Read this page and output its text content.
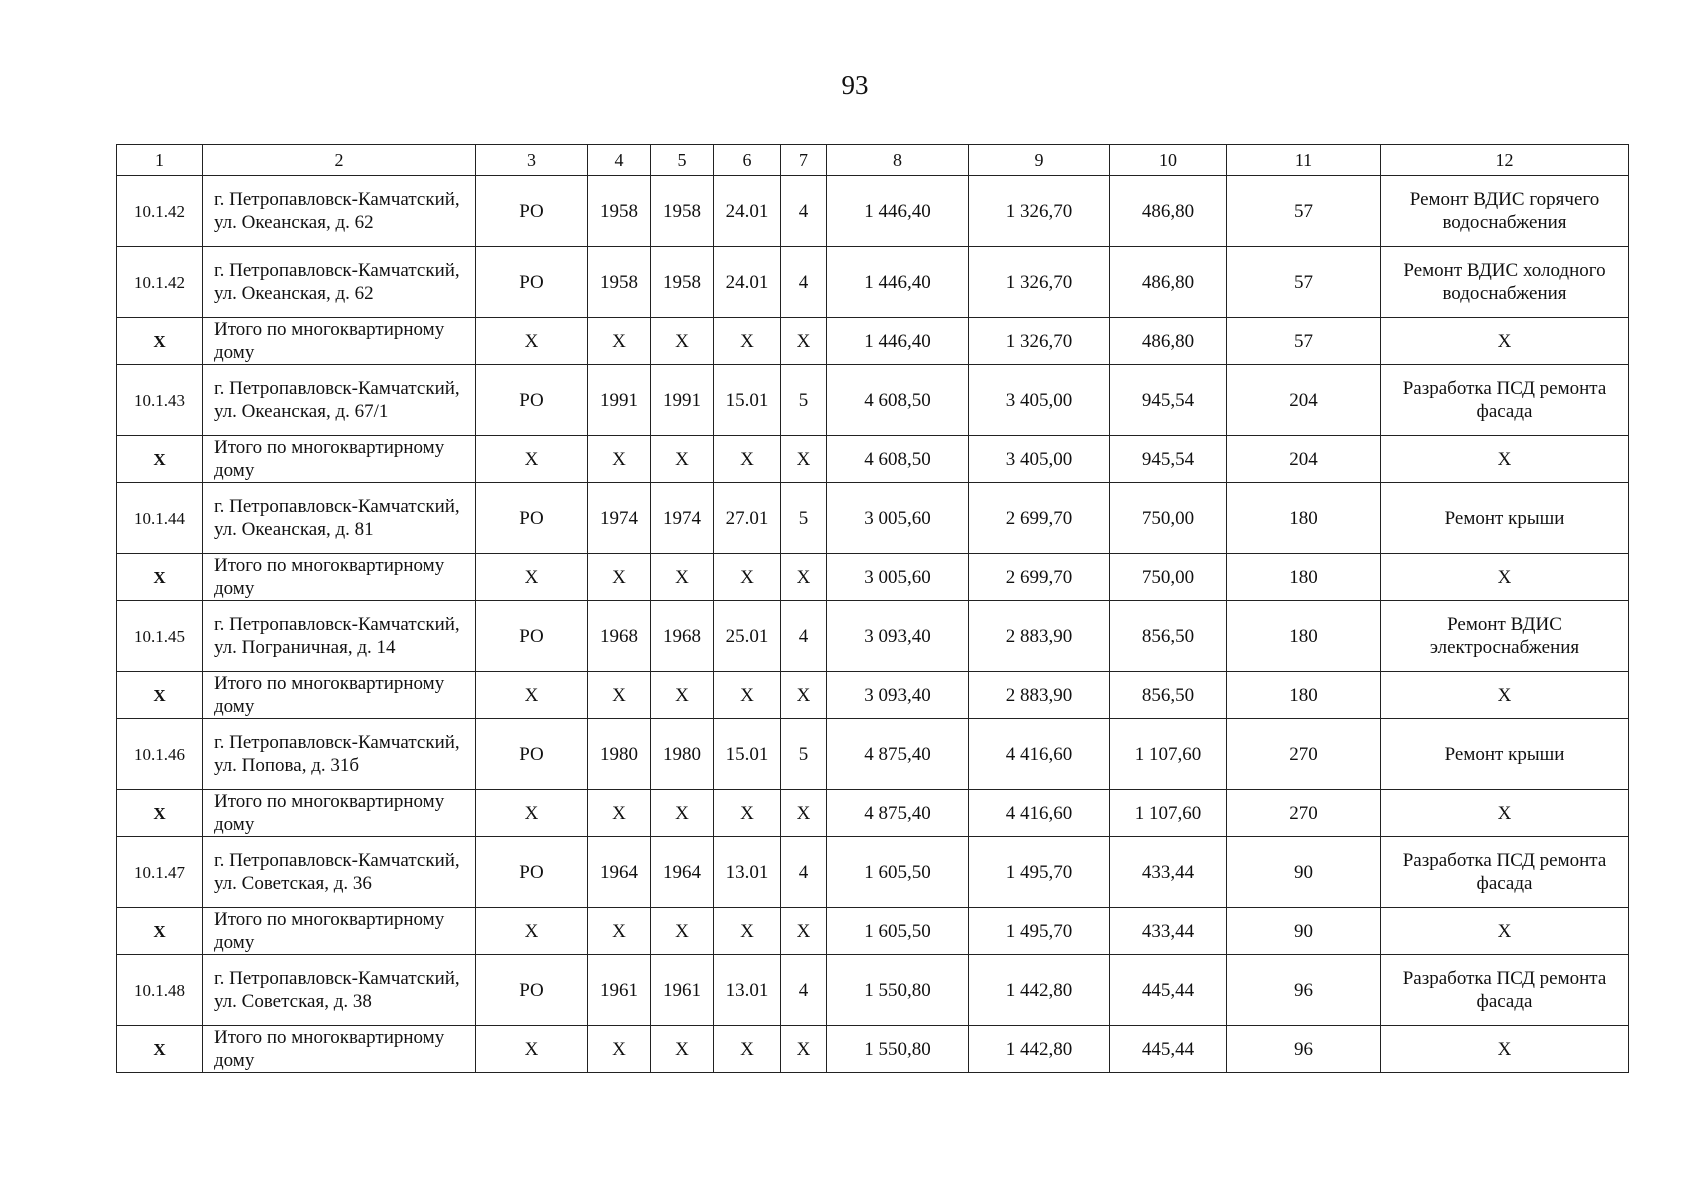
93
1	2	3	4	5	6	7	8	9	10	11	12
10.1.42	г. Петропавловск-Камчатский, ул. Океанская, д. 62	РО	1958	1958	24.01	4	1 446,40	1 326,70	486,80	57	Ремонт ВДИС горячего водоснабжения
10.1.42	г. Петропавловск-Камчатский, ул. Океанская, д. 62	РО	1958	1958	24.01	4	1 446,40	1 326,70	486,80	57	Ремонт ВДИС холодного водоснабжения
Х	Итого по многоквартирному дому	Х	Х	Х	Х	Х	1 446,40	1 326,70	486,80	57	Х
10.1.43	г. Петропавловск-Камчатский, ул. Океанская, д. 67/1	РО	1991	1991	15.01	5	4 608,50	3 405,00	945,54	204	Разработка ПСД ремонта фасада
Х	Итого по многоквартирному дому	Х	Х	Х	Х	Х	4 608,50	3 405,00	945,54	204	Х
10.1.44	г. Петропавловск-Камчатский, ул. Океанская, д. 81	РО	1974	1974	27.01	5	3 005,60	2 699,70	750,00	180	Ремонт крыши
Х	Итого по многоквартирному дому	Х	Х	Х	Х	Х	3 005,60	2 699,70	750,00	180	Х
10.1.45	г. Петропавловск-Камчатский, ул. Пограничная, д. 14	РО	1968	1968	25.01	4	3 093,40	2 883,90	856,50	180	Ремонт ВДИС электроснабжения
Х	Итого по многоквартирному дому	Х	Х	Х	Х	Х	3 093,40	2 883,90	856,50	180	Х
10.1.46	г. Петропавловск-Камчатский, ул. Попова, д. 31б	РО	1980	1980	15.01	5	4 875,40	4 416,60	1 107,60	270	Ремонт крыши
Х	Итого по многоквартирному дому	Х	Х	Х	Х	Х	4 875,40	4 416,60	1 107,60	270	Х
10.1.47	г. Петропавловск-Камчатский, ул. Советская, д. 36	РО	1964	1964	13.01	4	1 605,50	1 495,70	433,44	90	Разработка ПСД ремонта фасада
Х	Итого по многоквартирному дому	Х	Х	Х	Х	Х	1 605,50	1 495,70	433,44	90	Х
10.1.48	г. Петропавловск-Камчатский, ул. Советская, д. 38	РО	1961	1961	13.01	4	1 550,80	1 442,80	445,44	96	Разработка ПСД ремонта фасада
Х	Итого по многоквартирному дому	Х	Х	Х	Х	Х	1 550,80	1 442,80	445,44	96	Х
